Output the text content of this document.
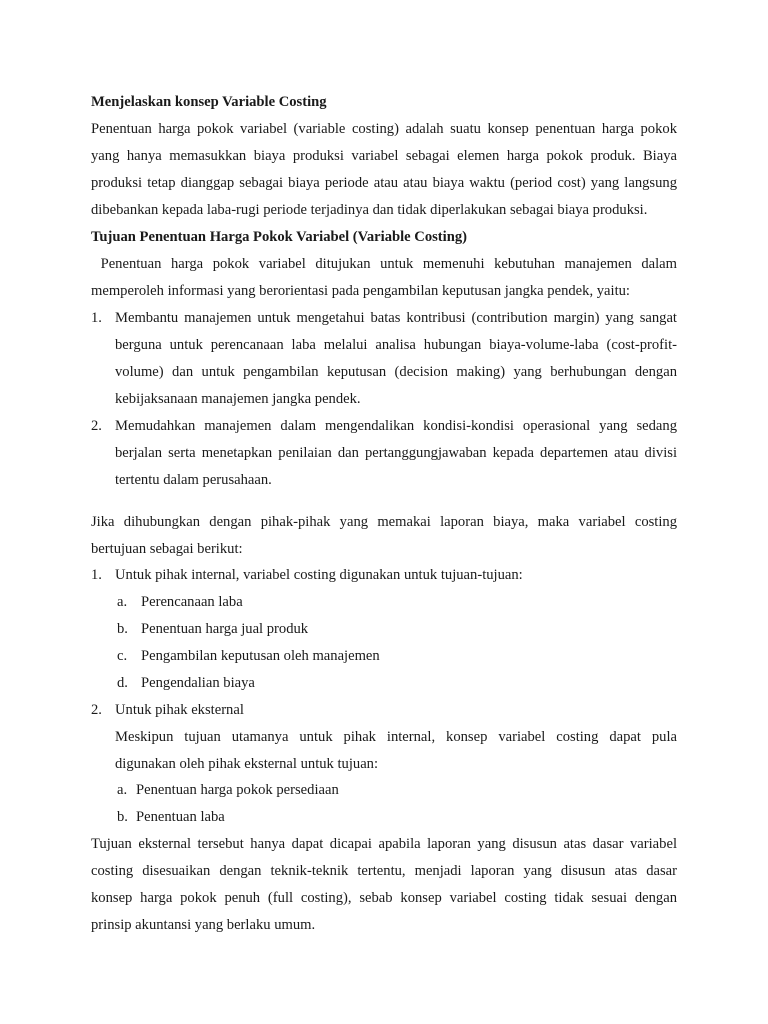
Menjelaskan konsep Variable Costing

Penentuan harga pokok variabel (variable costing) adalah suatu konsep penentuan harga pokok

yang hanya memasukkan biaya produksi variabel sebagai elemen harga pokok produk. Biaya

produksi tetap dianggap sebagai biaya periode atau atau biaya waktu (period cost) yang langsung

dibebankan kepada laba-rugi periode terjadinya dan tidak diperlakukan sebagai biaya produksi.

Tujuan Penentuan Harga Pokok Variabel (Variable Costing)

Penentuan harga pokok variabel ditujukan untuk memenuhi kebutuhan manajemen dalam

memperoleh informasi yang berorientasi pada pengambilan keputusan jangka pendek, yaitu:

1. Membantu manajemen untuk mengetahui batas kontribusi (contribution margin) yang sangat

berguna untuk perencanaan laba melalui analisa hubungan biaya-volume-laba (cost-profit-

volume) dan untuk pengambilan keputusan (decision making) yang berhubungan dengan

kebijaksanaan manajemen jangka pendek.

2. Memudahkan manajemen dalam mengendalikan kondisi-kondisi operasional yang sedang

berjalan serta menetapkan penilaian dan pertanggungjawaban kepada departemen atau divisi

tertentu dalam perusahaan.

Jika dihubungkan dengan pihak-pihak yang memakai laporan biaya, maka variabel costing

bertujuan sebagai berikut:

1. Untuk pihak internal, variabel costing digunakan untuk tujuan-tujuan:

a. Perencanaan laba

b. Penentuan harga jual produk

c. Pengambilan keputusan oleh manajemen

d. Pengendalian biaya

2. Untuk pihak eksternal

Meskipun tujuan utamanya untuk pihak internal, konsep variabel costing dapat pula

digunakan oleh pihak eksternal untuk tujuan:

a. Penentuan harga pokok persediaan

b. Penentuan laba

Tujuan eksternal tersebut hanya dapat dicapai apabila laporan yang disusun atas dasar variabel

costing disesuaikan dengan teknik-teknik tertentu, menjadi laporan yang disusun atas dasar

konsep harga pokok penuh (full costing), sebab konsep variabel costing tidak sesuai dengan

prinsip akuntansi yang berlaku umum.
